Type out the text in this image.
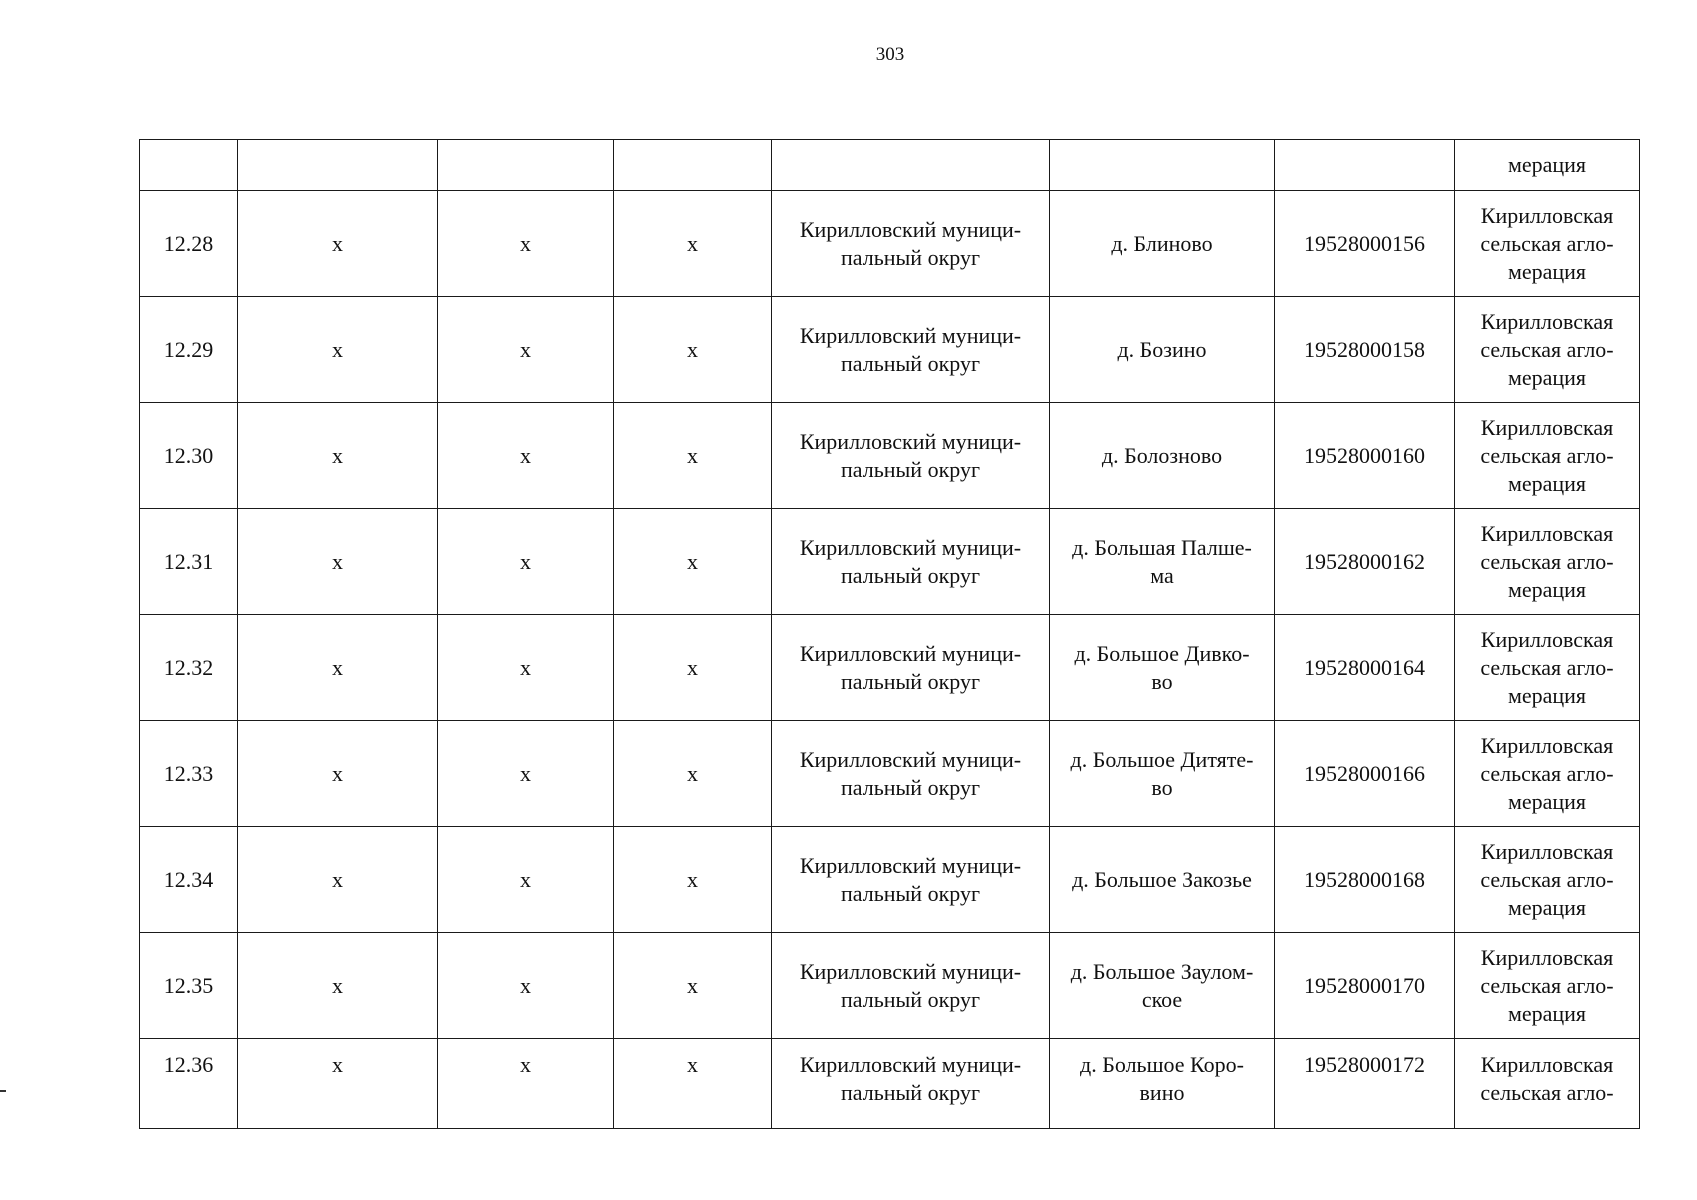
303
							мерация
12.28	х	х	х	Кирилловский муници-
пальный округ	д. Блиново	19528000156	Кирилловская
сельская агло-
мерация
12.29	х	х	х	Кирилловский муници-
пальный округ	д. Бозино	19528000158	Кирилловская
сельская агло-
мерация
12.30	х	х	х	Кирилловский муници-
пальный округ	д. Болозново	19528000160	Кирилловская
сельская агло-
мерация
12.31	х	х	х	Кирилловский муници-
пальный округ	д. Большая Палше-
ма	19528000162	Кирилловская
сельская агло-
мерация
12.32	х	х	х	Кирилловский муници-
пальный округ	д. Большое Дивко-
во	19528000164	Кирилловская
сельская агло-
мерация
12.33	х	х	х	Кирилловский муници-
пальный округ	д. Большое Дитяте-
во	19528000166	Кирилловская
сельская агло-
мерация
12.34	х	х	х	Кирилловский муници-
пальный округ	д. Большое Закозье	19528000168	Кирилловская
сельская агло-
мерация
12.35	х	х	х	Кирилловский муници-
пальный округ	д. Большое Заулом-
ское	19528000170	Кирилловская
сельская агло-
мерация
12.36	х	х	х	Кирилловский муници-
пальный округ	д. Большое Коро-
вино	19528000172	Кирилловская
сельская агло-
